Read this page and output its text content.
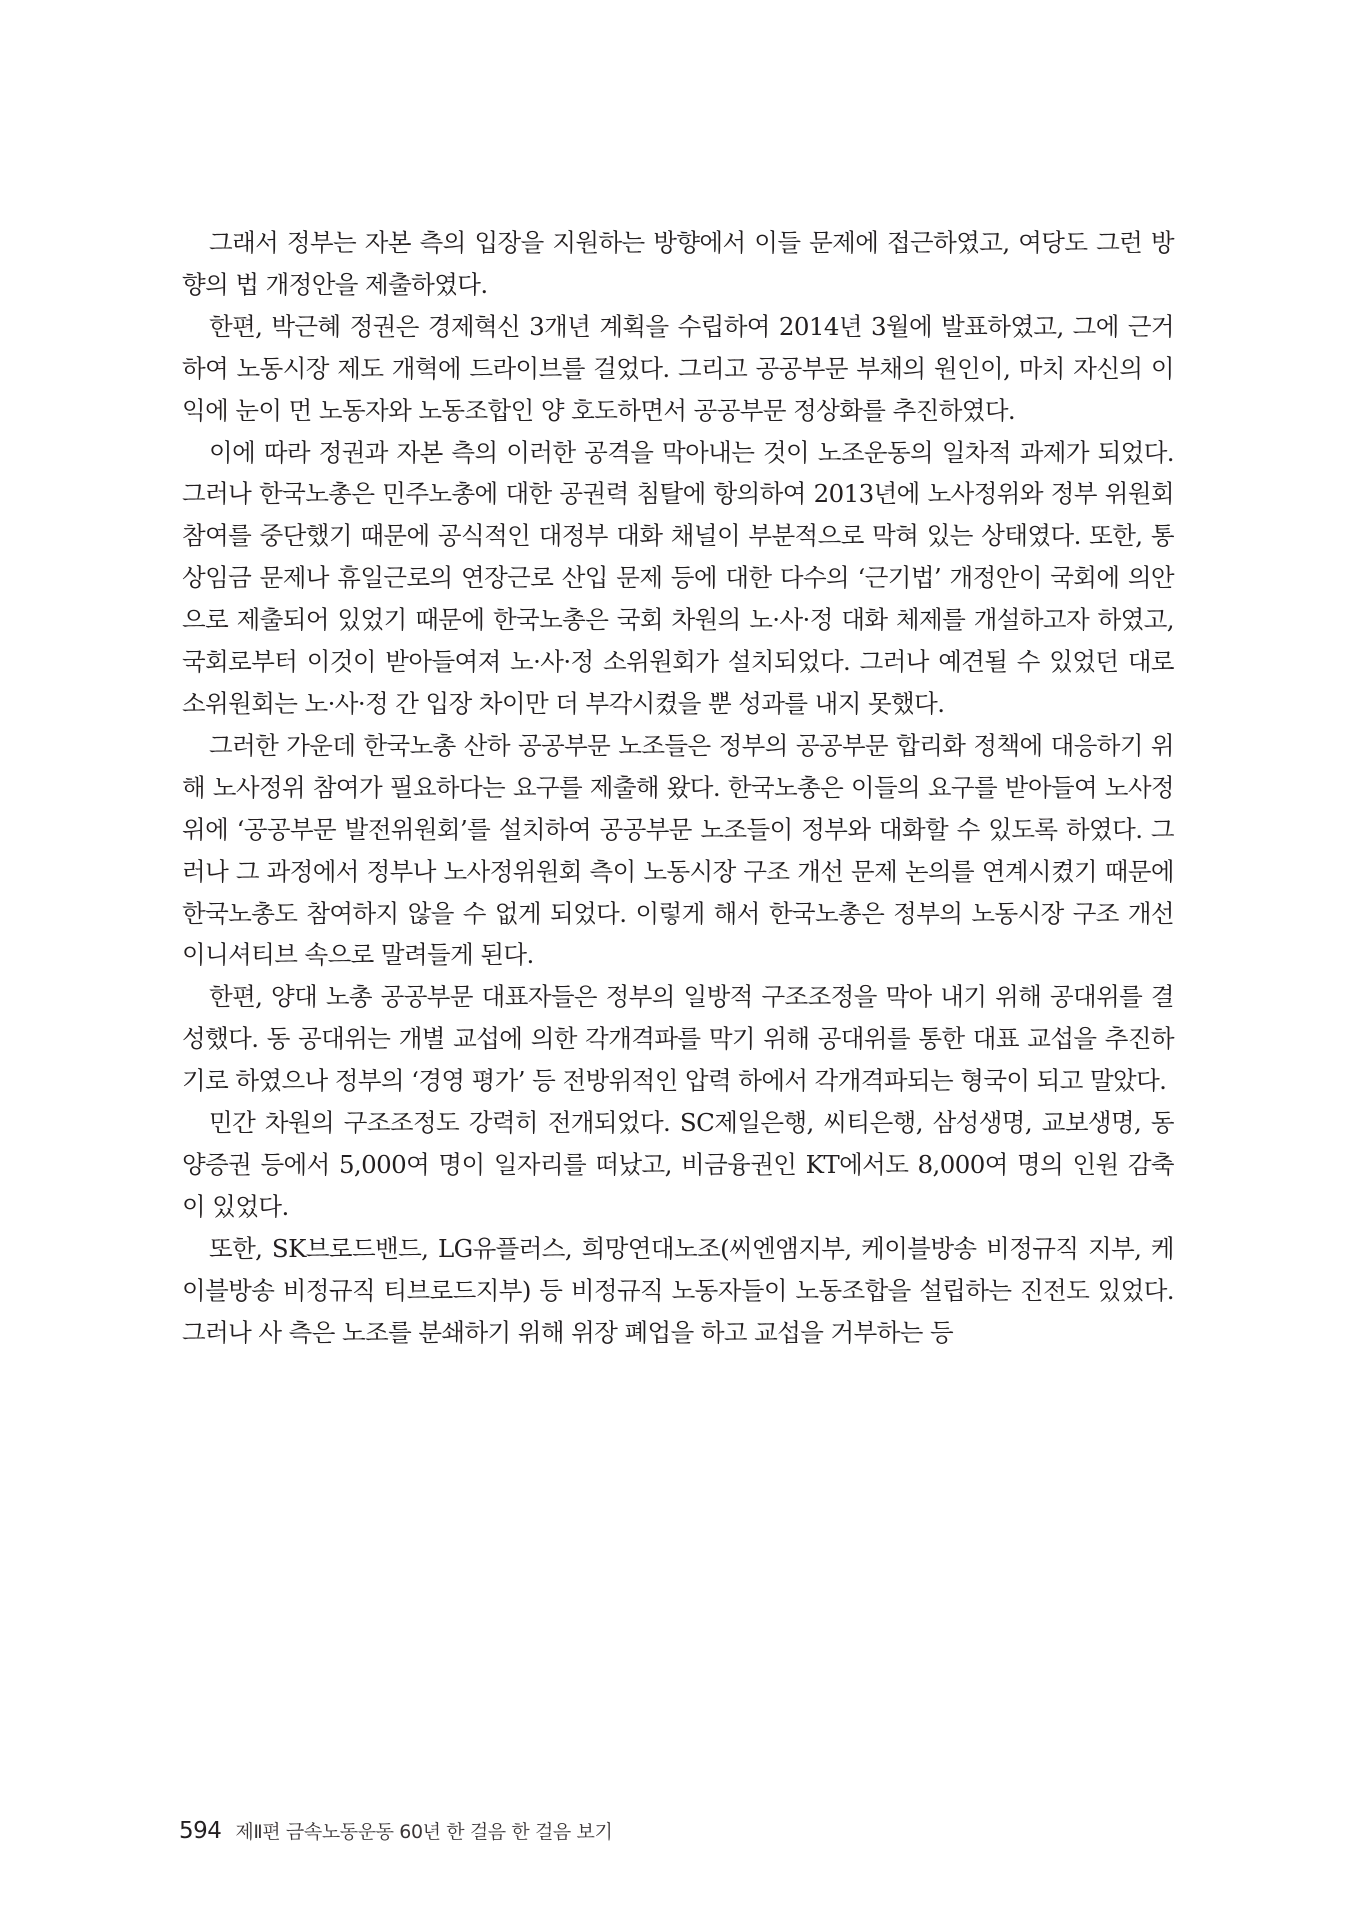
그래서 정부는 자본 측의 입장을 지원하는 방향에서 이들 문제에 접근하였고, 여당도 그런 방향의 법 개정안을 제출하였다.

한편, 박근혜 정권은 경제혁신 3개년 계획을 수립하여 2014년 3월에 발표하였고, 그에 근거하여 노동시장 제도 개혁에 드라이브를 걸었다. 그리고 공공부문 부채의 원인이, 마치 자신의 이익에 눈이 먼 노동자와 노동조합인 양 호도하면서 공공부문 정상화를 추진하였다.

이에 따라 정권과 자본 측의 이러한 공격을 막아내는 것이 노조운동의 일차적 과제가 되었다. 그러나 한국노총은 민주노총에 대한 공권력 침탈에 항의하여 2013년에 노사정위와 정부 위원회 참여를 중단했기 때문에 공식적인 대정부 대화 채널이 부분적으로 막혀 있는 상태였다. 또한, 통상임금 문제나 휴일근로의 연장근로 산입 문제 등에 대한 다수의 ‘근기법’ 개정안이 국회에 의안으로 제출되어 있었기 때문에 한국노총은 국회 차원의 노·사·정 대화 체제를 개설하고자 하였고, 국회로부터 이것이 받아들여져 노·사·정 소위원회가 설치되었다. 그러나 예견될 수 있었던 대로 소위원회는 노·사·정 간 입장 차이만 더 부각시켰을 뿐 성과를 내지 못했다.

그러한 가운데 한국노총 산하 공공부문 노조들은 정부의 공공부문 합리화 정책에 대응하기 위해 노사정위 참여가 필요하다는 요구를 제출해 왔다. 한국노총은 이들의 요구를 받아들여 노사정위에 ‘공공부문 발전위원회’를 설치하여 공공부문 노조들이 정부와 대화할 수 있도록 하였다. 그러나 그 과정에서 정부나 노사정위원회 측이 노동시장 구조 개선 문제 논의를 연계시켰기 때문에 한국노총도 참여하지 않을 수 없게 되었다. 이렇게 해서 한국노총은 정부의 노동시장 구조 개선 이니셔티브 속으로 말려들게 된다.

한편, 양대 노총 공공부문 대표자들은 정부의 일방적 구조조정을 막아 내기 위해 공대위를 결성했다. 동 공대위는 개별 교섭에 의한 각개격파를 막기 위해 공대위를 통한 대표 교섭을 추진하기로 하였으나 정부의 ‘경영 평가’ 등 전방위적인 압력 하에서 각개격파되는 형국이 되고 말았다.

민간 차원의 구조조정도 강력히 전개되었다. SC제일은행, 씨티은행, 삼성생명, 교보생명, 동양증권 등에서 5,000여 명이 일자리를 떠났고, 비금융권인 KT에서도 8,000여 명의 인원 감축이 있었다.

또한, SK브로드밴드, LG유플러스, 희망연대노조(씨엔앰지부, 케이블방송 비정규직 지부, 케이블방송 비정규직 티브로드지부) 등 비정규직 노동자들이 노동조합을 설립하는 진전도 있었다. 그러나 사 측은 노조를 분쇄하기 위해 위장 폐업을 하고 교섭을 거부하는 등

594 제Ⅱ편 금속노동운동 60년 한 걸음 한 걸음 보기
